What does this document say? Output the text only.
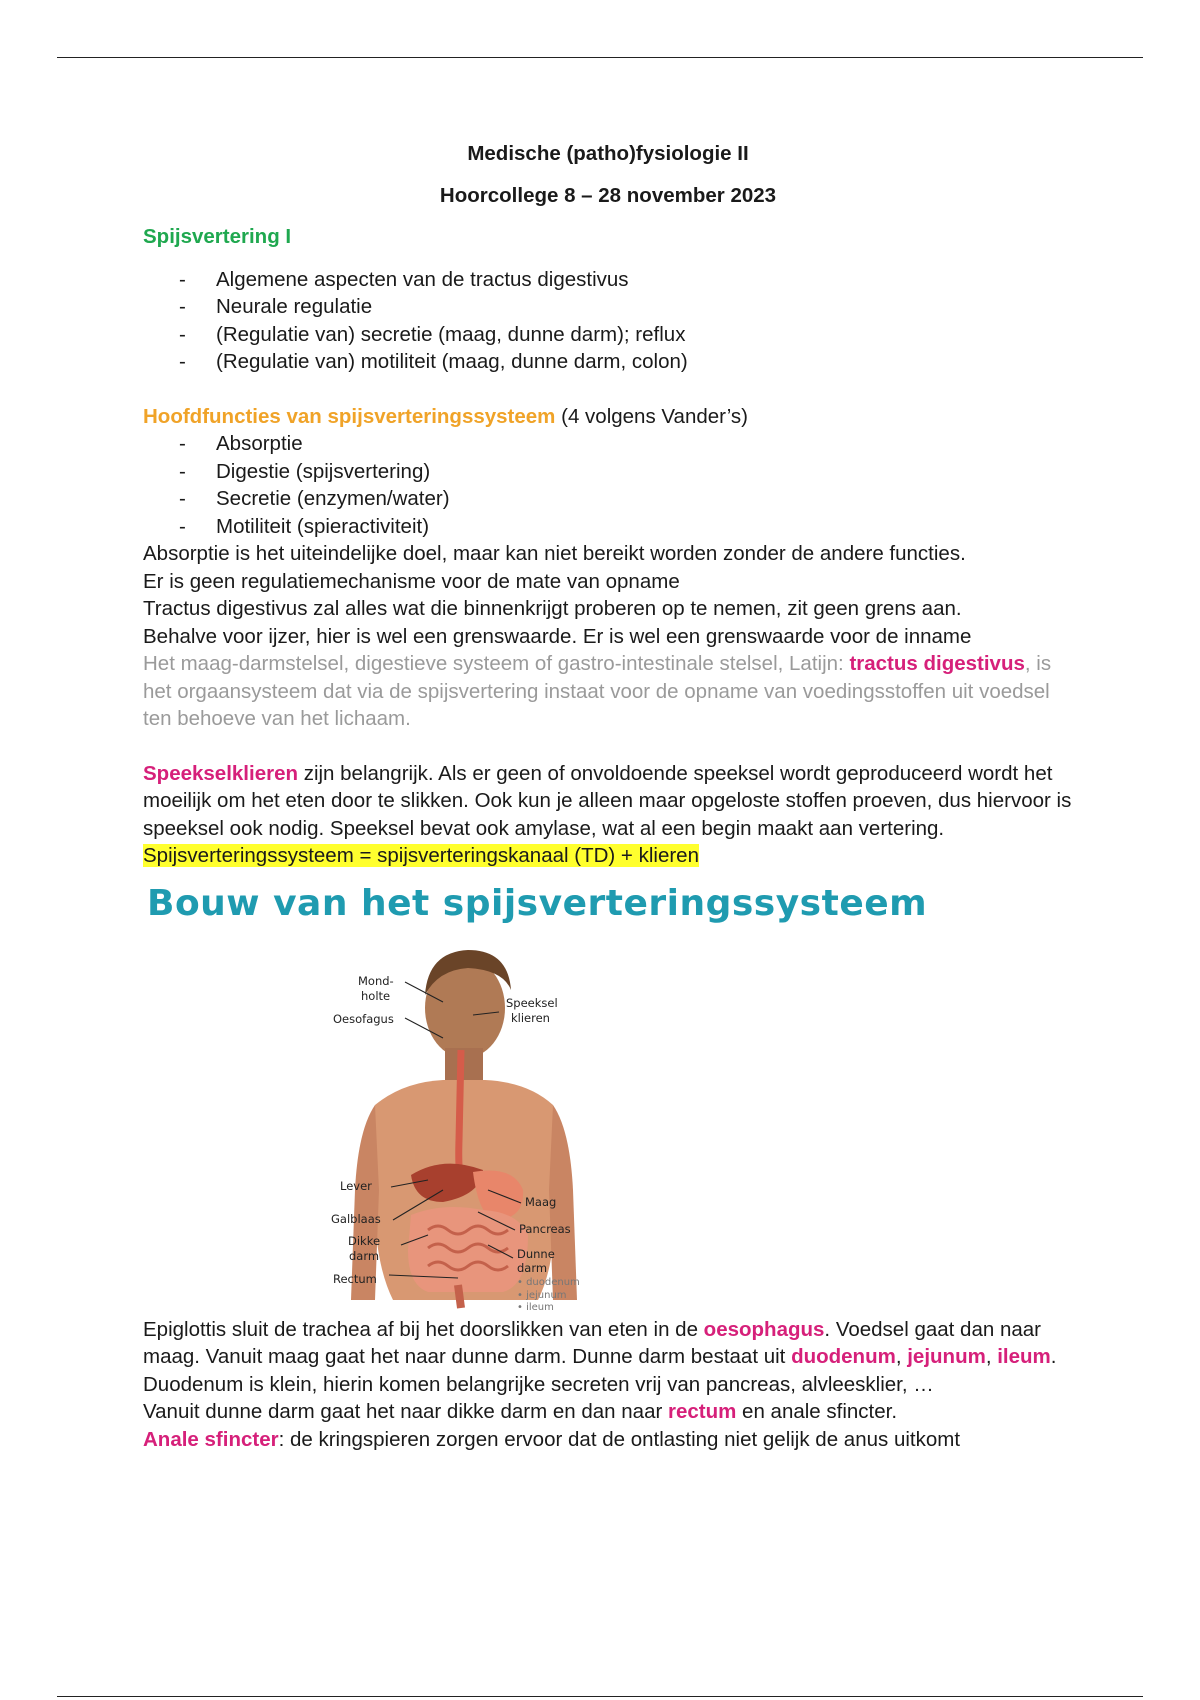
Medische (patho)fysiologie II

Hoorcollege 8 – 28 november 2023

Spijsvertering I

- Algemene aspecten van de tractus digestivus
- Neurale regulatie
- (Regulatie van) secretie (maag, dunne darm); reflux
- (Regulatie van) motiliteit (maag, dunne darm, colon)

Hoofdfuncties van spijsverteringssysteem (4 volgens Vander’s)

- Absorptie
- Digestie (spijsvertering)
- Secretie (enzymen/water)
- Motiliteit (spieractiviteit)

Absorptie is het uiteindelijke doel, maar kan niet bereikt worden zonder de andere functies.

Er is geen regulatiemechanisme voor de mate van opname

Tractus digestivus zal alles wat die binnenkrijgt proberen op te nemen, zit geen grens aan.

Behalve voor ijzer, hier is wel een grenswaarde. Er is wel een grenswaarde voor de inname

Het maag-darmstelsel, digestieve systeem of gastro-intestinale stelsel, Latijn: tractus digestivus, is het orgaansysteem dat via de spijsvertering instaat voor de opname van voedingsstoffen uit voedsel ten behoeve van het lichaam.

Speekselklieren zijn belangrijk. Als er geen of onvoldoende speeksel wordt geproduceerd wordt het moeilijk om het eten door te slikken. Ook kun je alleen maar opgeloste stoffen proeven, dus hiervoor is speeksel ook nodig. Speeksel bevat ook amylase, wat al een begin maakt aan vertering.

Spijsverteringssysteem = spijsverteringskanaal (TD) + klieren

Bouw van het spijsverteringssysteem
Mond-
holte
Oesofagus
Speeksel
klieren
Lever
Galblaas
Dikke
darm
Rectum
Maag
Pancreas
Dunne
darm
• duodenum
• jejunum
• ileum

Epiglottis sluit de trachea af bij het doorslikken van eten in de oesophagus. Voedsel gaat dan naar maag. Vanuit maag gaat het naar dunne darm. Dunne darm bestaat uit duodenum, jejunum, ileum. Duodenum is klein, hierin komen belangrijke secreten vrij van pancreas, alvleesklier, …

Vanuit dunne darm gaat het naar dikke darm en dan naar rectum en anale sfincter.

Anale sfincter: de kringspieren zorgen ervoor dat de ontlasting niet gelijk de anus uitkomt
